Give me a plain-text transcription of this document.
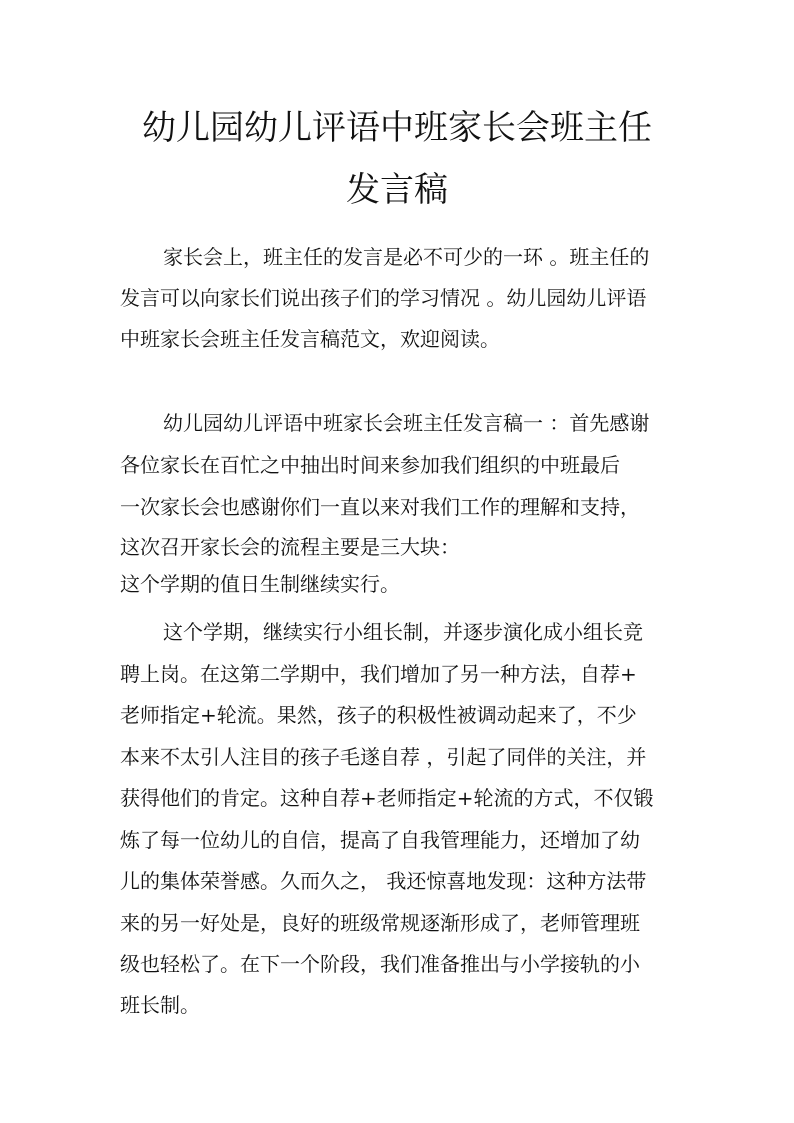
幼儿园幼儿评语中班家长会班主任
发言稿
家长会上，班主任的发言是必不可少的一环 。班主任的
发言可以向家长们说出孩子们的学习情况 。幼儿园幼儿评语
中班家长会班主任发言稿范文，欢迎阅读。
幼儿园幼儿评语中班家长会班主任发言稿一 ：首先感谢
各位家长在百忙之中抽出时间来参加我们组织的中班最后
一次家长会也感谢你们一直以来对我们工作的理解和支持，
这次召开家长会的流程主要是三大块：
这个学期的值日生制继续实行。
这个学期，继续实行小组长制，并逐步演化成小组长竞
聘上岗。在这第二学期中，我们增加了另一种方法，自荐+
老师指定+轮流。果然，孩子的积极性被调动起来了，不少
本来不太引人注目的孩子毛遂自荐 ，引起了同伴的关注，并
获得他们的肯定。这种自荐+老师指定+轮流的方式，不仅锻
炼了每一位幼儿的自信，提高了自我管理能力，还增加了幼
儿的集体荣誉感。久而久之， 我还惊喜地发现：这种方法带
来的另一好处是，良好的班级常规逐渐形成了，老师管理班
级也轻松了。在下一个阶段，我们准备推出与小学接轨的小
班长制。
